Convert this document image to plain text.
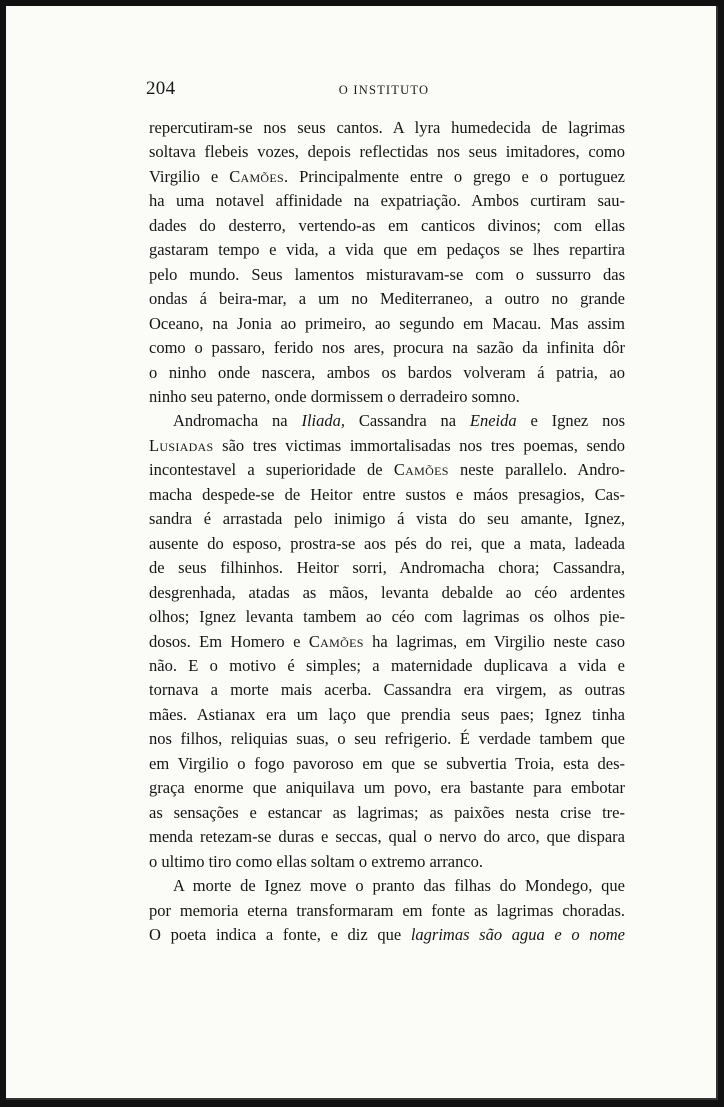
204	O INSTITUTO
repercutiram-se nos seus cantos. A lyra humedecida de lagrimas
soltava flebeis vozes, depois reflectidas nos seus imitadores, como
Virgilio e Camões. Principalmente entre o grego e o portuguez
ha uma notavel affinidade na expatriação. Ambos curtiram sau-
dades do desterro, vertendo-as em canticos divinos; com ellas
gastaram tempo e vida, a vida que em pedaços se lhes repartira
pelo mundo. Seus lamentos misturavam-se com o sussurro das
ondas á beira-mar, a um no Mediterraneo, a outro no grande
Oceano, na Jonia ao primeiro, ao segundo em Macau. Mas assim
como o passaro, ferido nos ares, procura na sazão da infinita dôr
o ninho onde nascera, ambos os bardos volveram á patria, ao
ninho seu paterno, onde dormissem o derradeiro somno.
Andromacha na Iliada, Cassandra na Eneida e Ignez nos
Lusiadas são tres victimas immortalisadas nos tres poemas, sendo
incontestavel a superioridade de Camões neste parallelo. Andro-
macha despede-se de Heitor entre sustos e máos presagios, Cas-
sandra é arrastada pelo inimigo á vista do seu amante, Ignez,
ausente do esposo, prostra-se aos pés do rei, que a mata, ladeada
de seus filhinhos. Heitor sorri, Andromacha chora; Cassandra,
desgrenhada, atadas as mãos, levanta debalde ao céo ardentes
olhos; Ignez levanta tambem ao céo com lagrimas os olhos pie-
dosos. Em Homero e Camões ha lagrimas, em Virgilio neste caso
não. E o motivo é simples; a maternidade duplicava a vida e
tornava a morte mais acerba. Cassandra era virgem, as outras
mães. Astianax era um laço que prendia seus paes; Ignez tinha
nos filhos, reliquias suas, o seu refrigerio. É verdade tambem que
em Virgilio o fogo pavoroso em que se subvertia Troia, esta des-
graça enorme que aniquilava um povo, era bastante para embotar
as sensações e estancar as lagrimas; as paixões nesta crise tre-
menda retezam-se duras e seccas, qual o nervo do arco, que dispara
o ultimo tiro como ellas soltam o extremo arranco.
A morte de Ignez move o pranto das filhas do Mondego, que
por memoria eterna transformaram em fonte as lagrimas choradas.
O poeta indica a fonte, e diz que lagrimas são agua e o nome
